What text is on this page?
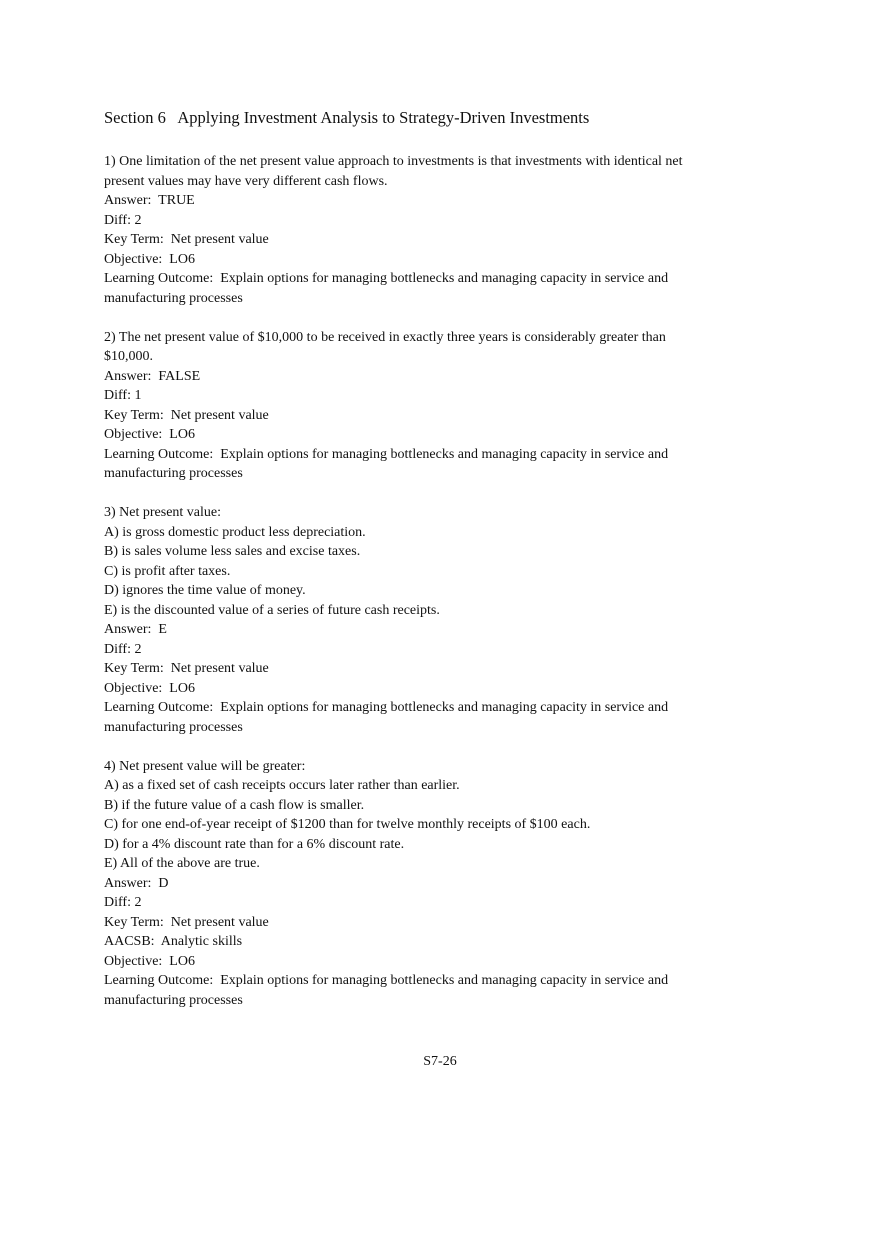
Section 6   Applying Investment Analysis to Strategy-Driven Investments
1) One limitation of the net present value approach to investments is that investments with identical net
present values may have very different cash flows.
Answer:  TRUE
Diff: 2
Key Term:  Net present value
Objective:  LO6
Learning Outcome:  Explain options for managing bottlenecks and managing capacity in service and
manufacturing processes
2) The net present value of $10,000 to be received in exactly three years is considerably greater than
$10,000.
Answer:  FALSE
Diff: 1
Key Term:  Net present value
Objective:  LO6
Learning Outcome:  Explain options for managing bottlenecks and managing capacity in service and
manufacturing processes
3) Net present value:
A) is gross domestic product less depreciation.
B) is sales volume less sales and excise taxes.
C) is profit after taxes.
D) ignores the time value of money.
E) is the discounted value of a series of future cash receipts.
Answer:  E
Diff: 2
Key Term:  Net present value
Objective:  LO6
Learning Outcome:  Explain options for managing bottlenecks and managing capacity in service and
manufacturing processes
4) Net present value will be greater:
A) as a fixed set of cash receipts occurs later rather than earlier.
B) if the future value of a cash flow is smaller.
C) for one end-of-year receipt of $1200 than for twelve monthly receipts of $100 each.
D) for a 4% discount rate than for a 6% discount rate.
E) All of the above are true.
Answer:  D
Diff: 2
Key Term:  Net present value
AACSB:  Analytic skills
Objective:  LO6
Learning Outcome:  Explain options for managing bottlenecks and managing capacity in service and
manufacturing processes
S7-26
